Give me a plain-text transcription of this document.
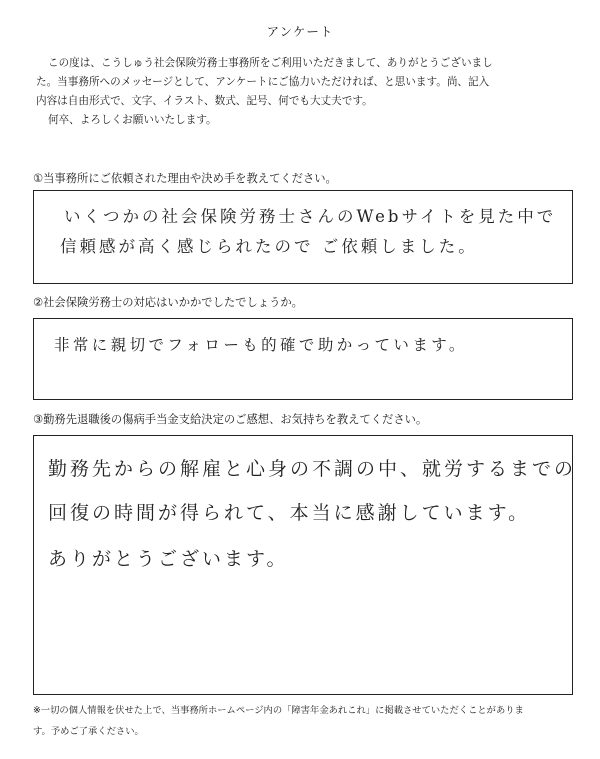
アンケート

この度は、こうしゅう社会保険労務士事務所をご利用いただきまして、ありがとうございまし

た。当事務所へのメッセージとして、アンケートにご協力いただければ、と思います。尚、記入

内容は自由形式で、文字、イラスト、数式、記号、何でも大丈夫です。

何卒、よろしくお願いいたします。

①当事務所にご依頼された理由や決め手を教えてください。
いくつかの社会保険労務士さんのWebサイトを見た中で
信頼感が高く感じられたので ご依頼しました。
②社会保険労務士の対応はいかかでしたでしょうか。
非常に親切でフォローも的確で助かっています。
③勤務先退職後の傷病手当金支給決定のご感想、お気持ちを教えてください。
勤務先からの解雇と心身の不調の中、就労するまでの
回復の時間が得られて、本当に感謝しています。
ありがとうございます。

※一切の個人情報を伏せた上で、当事務所ホームページ内の「障害年金あれこれ」に掲載させていただくことがありま

す。予めご了承ください。
